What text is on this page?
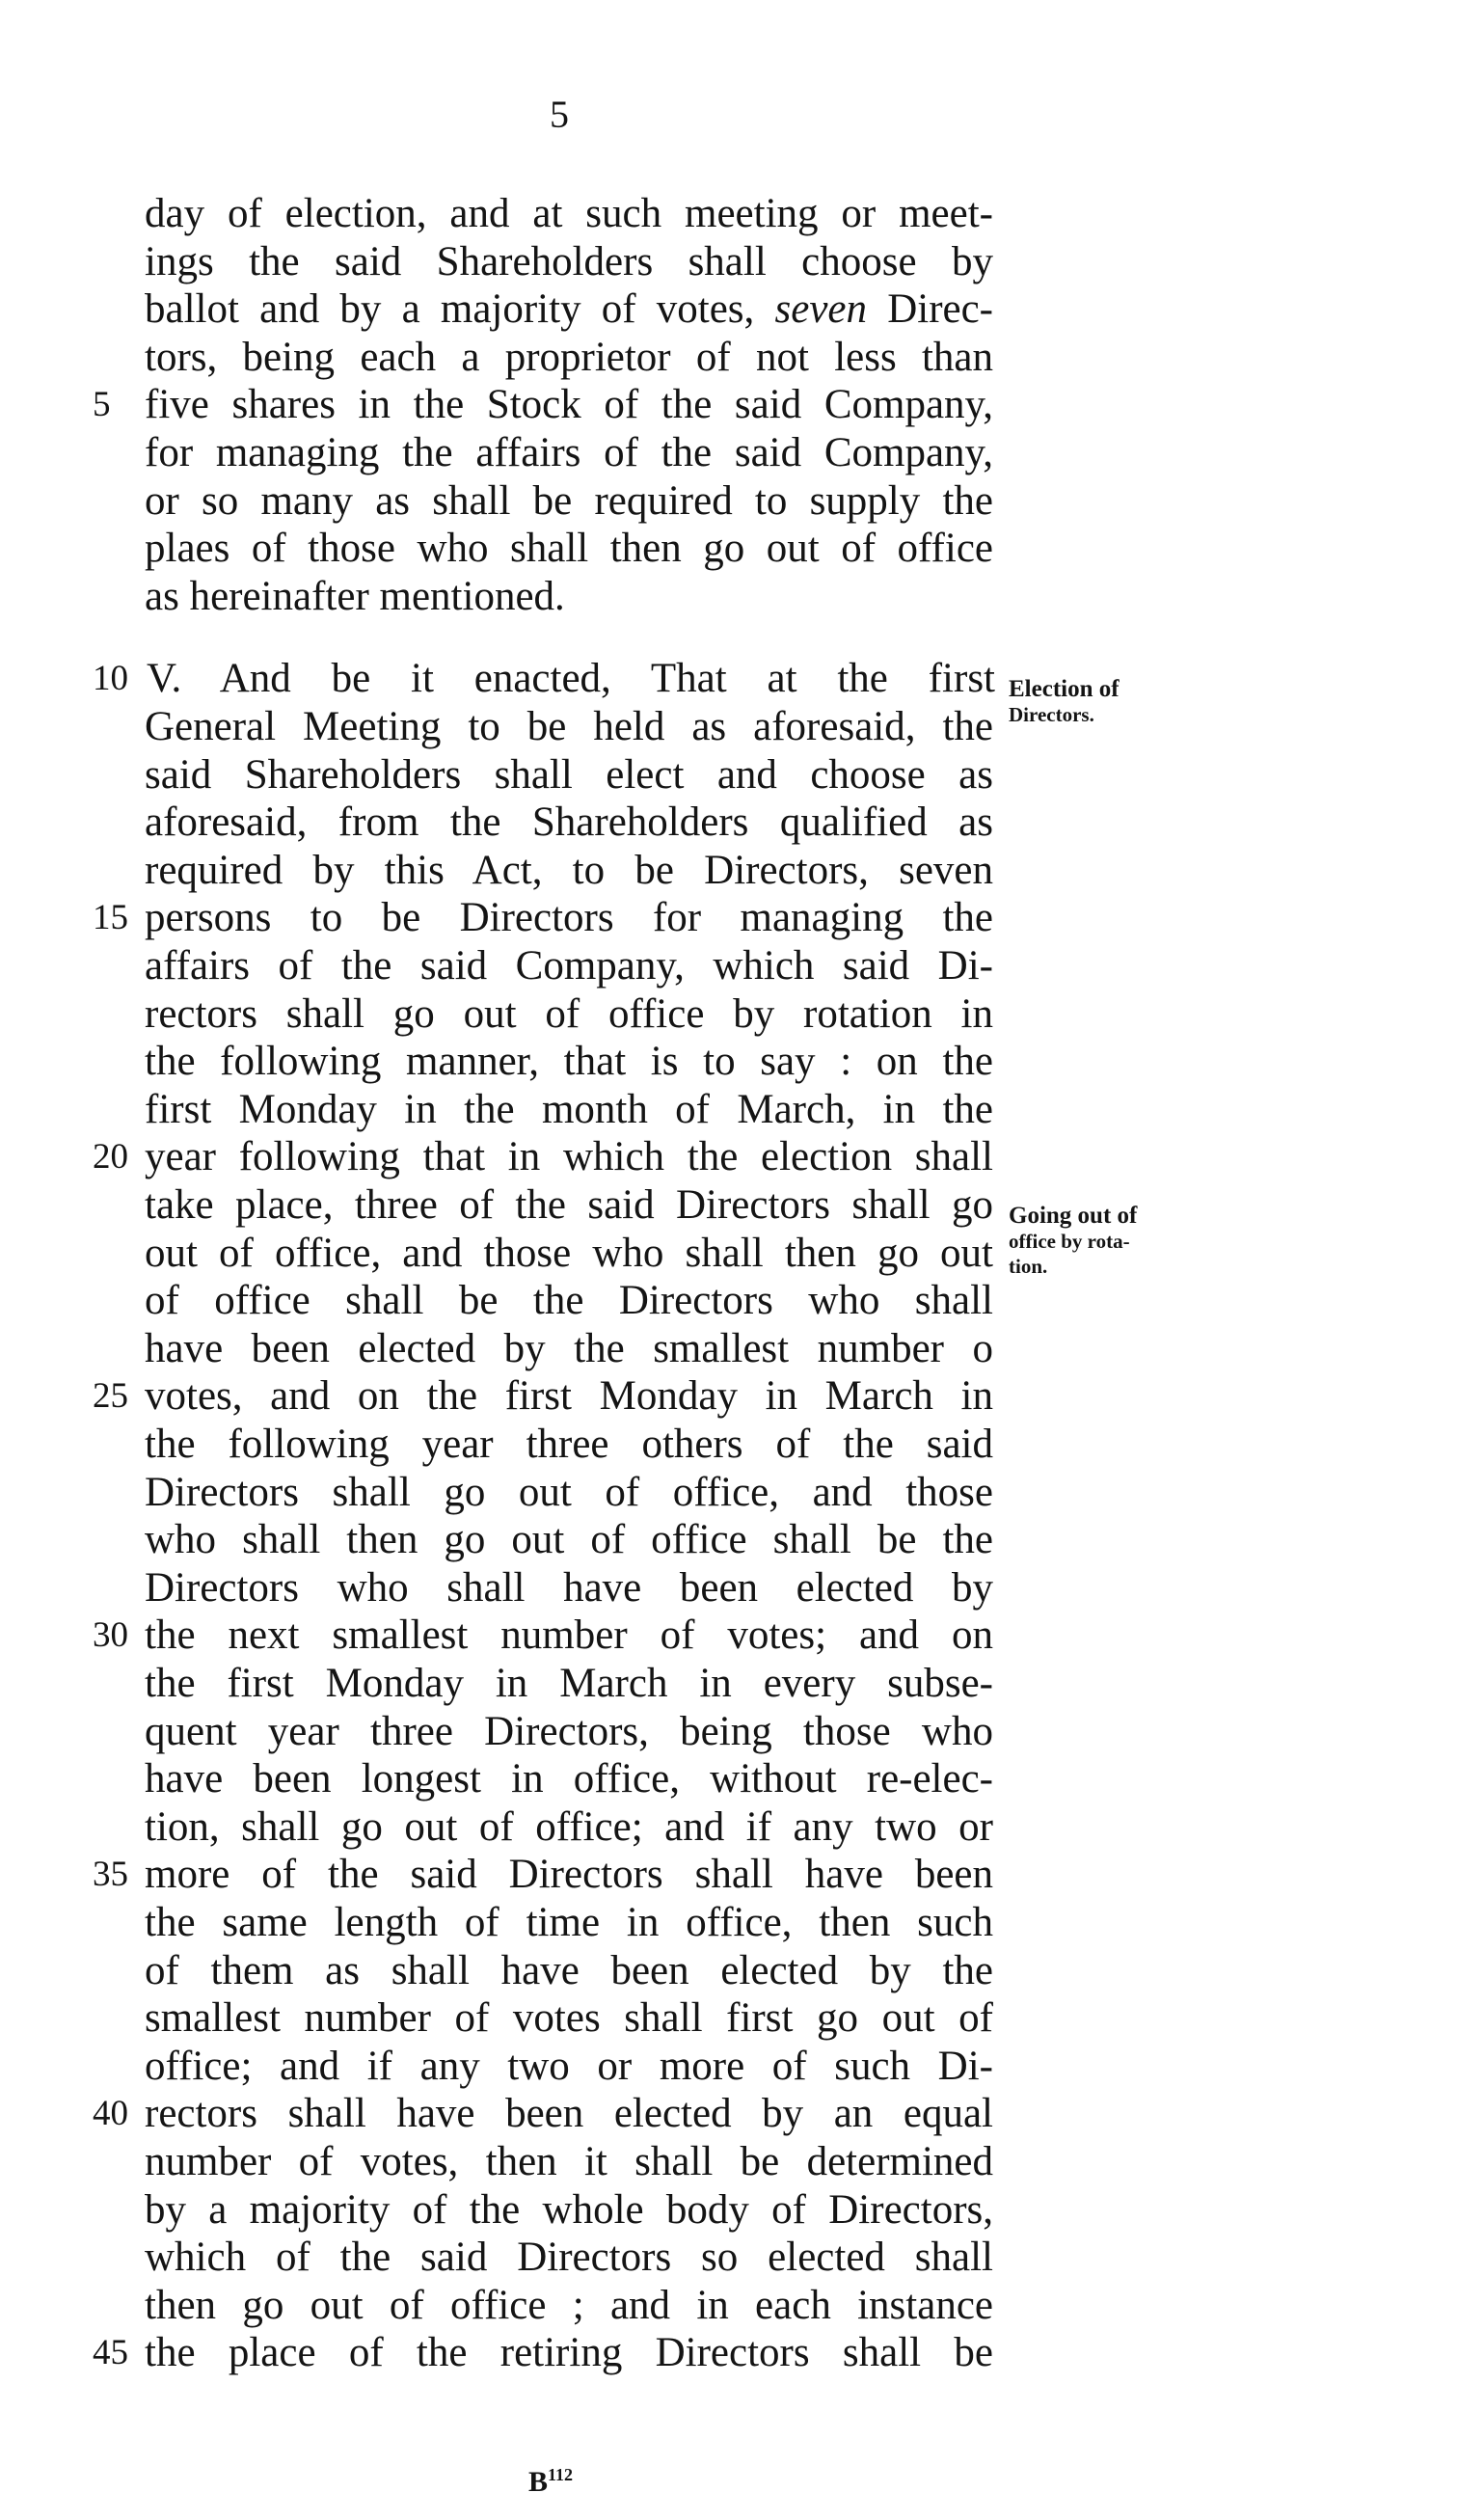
5
day of election, and at such meeting or meet-
ings the said Shareholders shall choose by
ballot and by a majority of votes, seven Direc-
tors, being each a proprietor of not less than
five shares in the Stock of the said Company,
5
for managing the affairs of the said Company,
or so many as shall be required to supply the
plaes of those who shall then go out of office
as hereinafter mentioned.
V. And be it enacted, That at the first
10
General Meeting to be held as aforesaid, the
said Shareholders shall elect and choose as
aforesaid, from the Shareholders qualified as
required by this Act, to be Directors, seven
persons to be Directors for managing the
15
affairs of the said Company, which said Di-
rectors shall go out of office by rotation in
the following manner, that is to say : on the
first Monday in the month of March, in the
year following that in which the election shall
20
take place, three of the said Directors shall go
out of office, and those who shall then go out
of office shall be the Directors who shall
have been elected by the smallest number o
votes, and on the first Monday in March in
25
the following year three others of the said
Directors shall go out of office, and those
who shall then go out of office shall be the
Directors who shall have been elected by
the next smallest number of votes; and on
30
the first Monday in March in every subse-
quent year three Directors, being those who
have been longest in office, without re-elec-
tion, shall go out of office; and if any two or
more of the said Directors shall have been
35
the same length of time in office, then such
of them as shall have been elected by the
smallest number of votes shall first go out of
office; and if any two or more of such Di-
rectors shall have been elected by an equal
40
number of votes, then it shall be determined
by a majority of the whole body of Directors,
which of the said Directors so elected shall
then go out of office ; and in each instance
the place of the retiring Directors shall be
45
Election of
Directors.
Going out of
office by rota-
tion.
$B^{112}$
